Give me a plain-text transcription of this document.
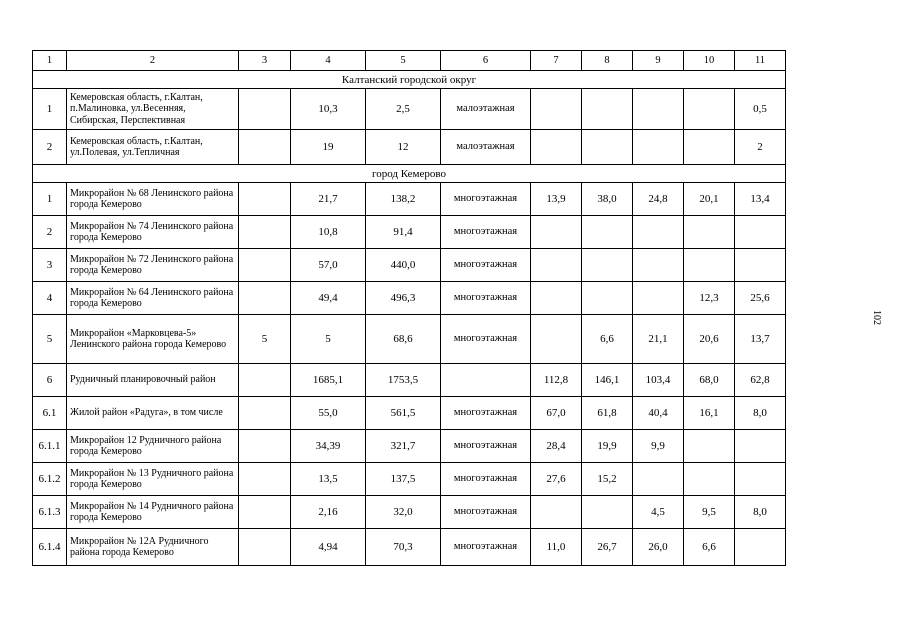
1	2	3	4	5	6	7	8	9	10	11
Калтанский городской округ										
1	Кемеровская область, г.Калтан, п.Малиновка, ул.Весенняя, Сибирская, Перспективная		10,3	2,5	малоэтажная					0,5
2	Кемеровская область, г.Калтан, ул.Полевая, ул.Тепличная		19	12	малоэтажная					2
город Кемерово										
1	Микрорайон № 68 Ленинского района города Кемерово		21,7	138,2	многоэтажная	13,9	38,0	24,8	20,1	13,4
2	Микрорайон № 74 Ленинского района города Кемерово		10,8	91,4	многоэтажная					
3	Микрорайон № 72 Ленинского района города Кемерово		57,0	440,0	многоэтажная					
4	Микрорайон № 64 Ленинского района города Кемерово		49,4	496,3	многоэтажная				12,3	25,6
5	Микрорайон «Марковцева-5» Ленинского района города Кемерово	5	5	68,6	многоэтажная		6,6	21,1	20,6	13,7
6	Рудничный планировочный район		1685,1	1753,5		112,8	146,1	103,4	68,0	62,8
6.1	Жилой район «Радуга», в том числе		55,0	561,5	многоэтажная	67,0	61,8	40,4	16,1	8,0
6.1.1	Микрорайон 12 Рудничного района города Кемерово		34,39	321,7	многоэтажная	28,4	19,9	9,9		
6.1.2	Микрорайон № 13 Рудничного района города Кемерово		13,5	137,5	многоэтажная	27,6	15,2			
6.1.3	Микрорайон № 14 Рудничного района города Кемерово		2,16	32,0	многоэтажная			4,5	9,5	8,0
6.1.4	Микрорайон № 12А Рудничного района города Кемерово		4,94	70,3	многоэтажная	11,0	26,7	26,0	6,6	
102
